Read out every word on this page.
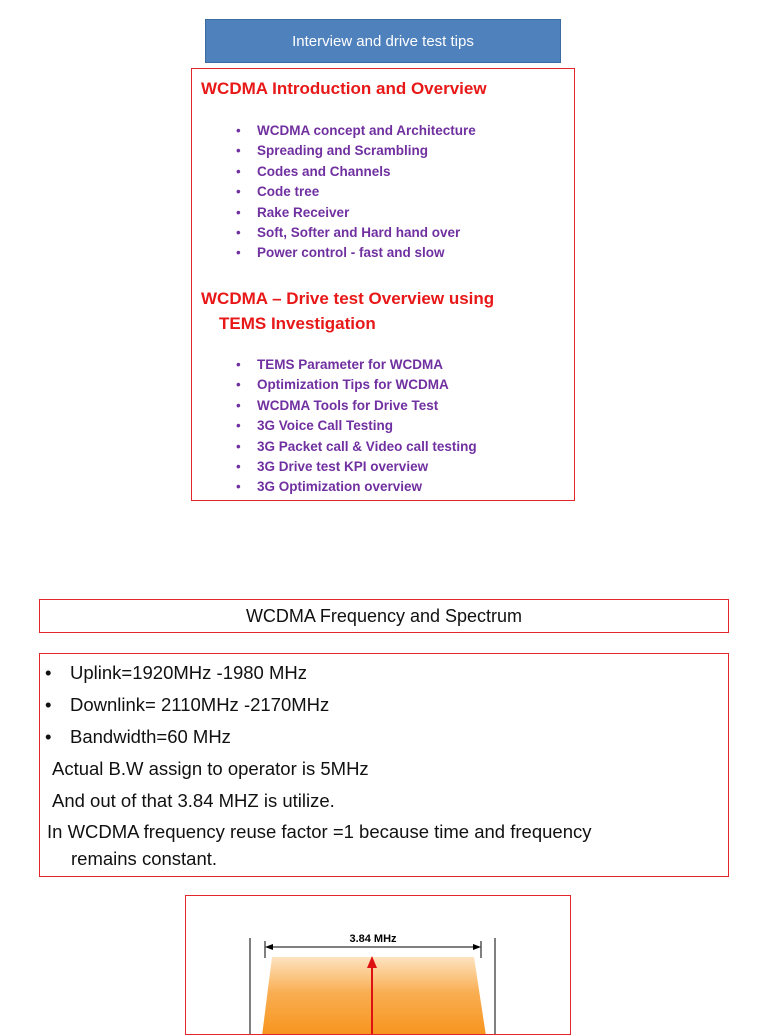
Interview and drive test tips

WCDMA Introduction and Overview

• WCDMA concept and Architecture
• Spreading and Scrambling
• Codes and Channels
• Code tree
• Rake Receiver
• Soft, Softer and Hard hand over
• Power control - fast and slow

WCDMA – Drive test Overview using
TEMS Investigation

• TEMS Parameter for WCDMA
• Optimization Tips for WCDMA
• WCDMA Tools for Drive Test
• 3G Voice Call Testing
• 3G Packet call & Video call testing
• 3G Drive test KPI overview
• 3G Optimization overview
WCDMA Frequency and Spectrum
• Uplink=1920MHz -1980 MHz
• Downlink= 2110MHz -2170MHz
• Bandwidth=60 MHz
Actual B.W assign to operator is 5MHz
And out of that 3.84 MHZ is utilize.
In WCDMA frequency reuse factor =1 because time and frequency
remains constant.
3.84 MHz
